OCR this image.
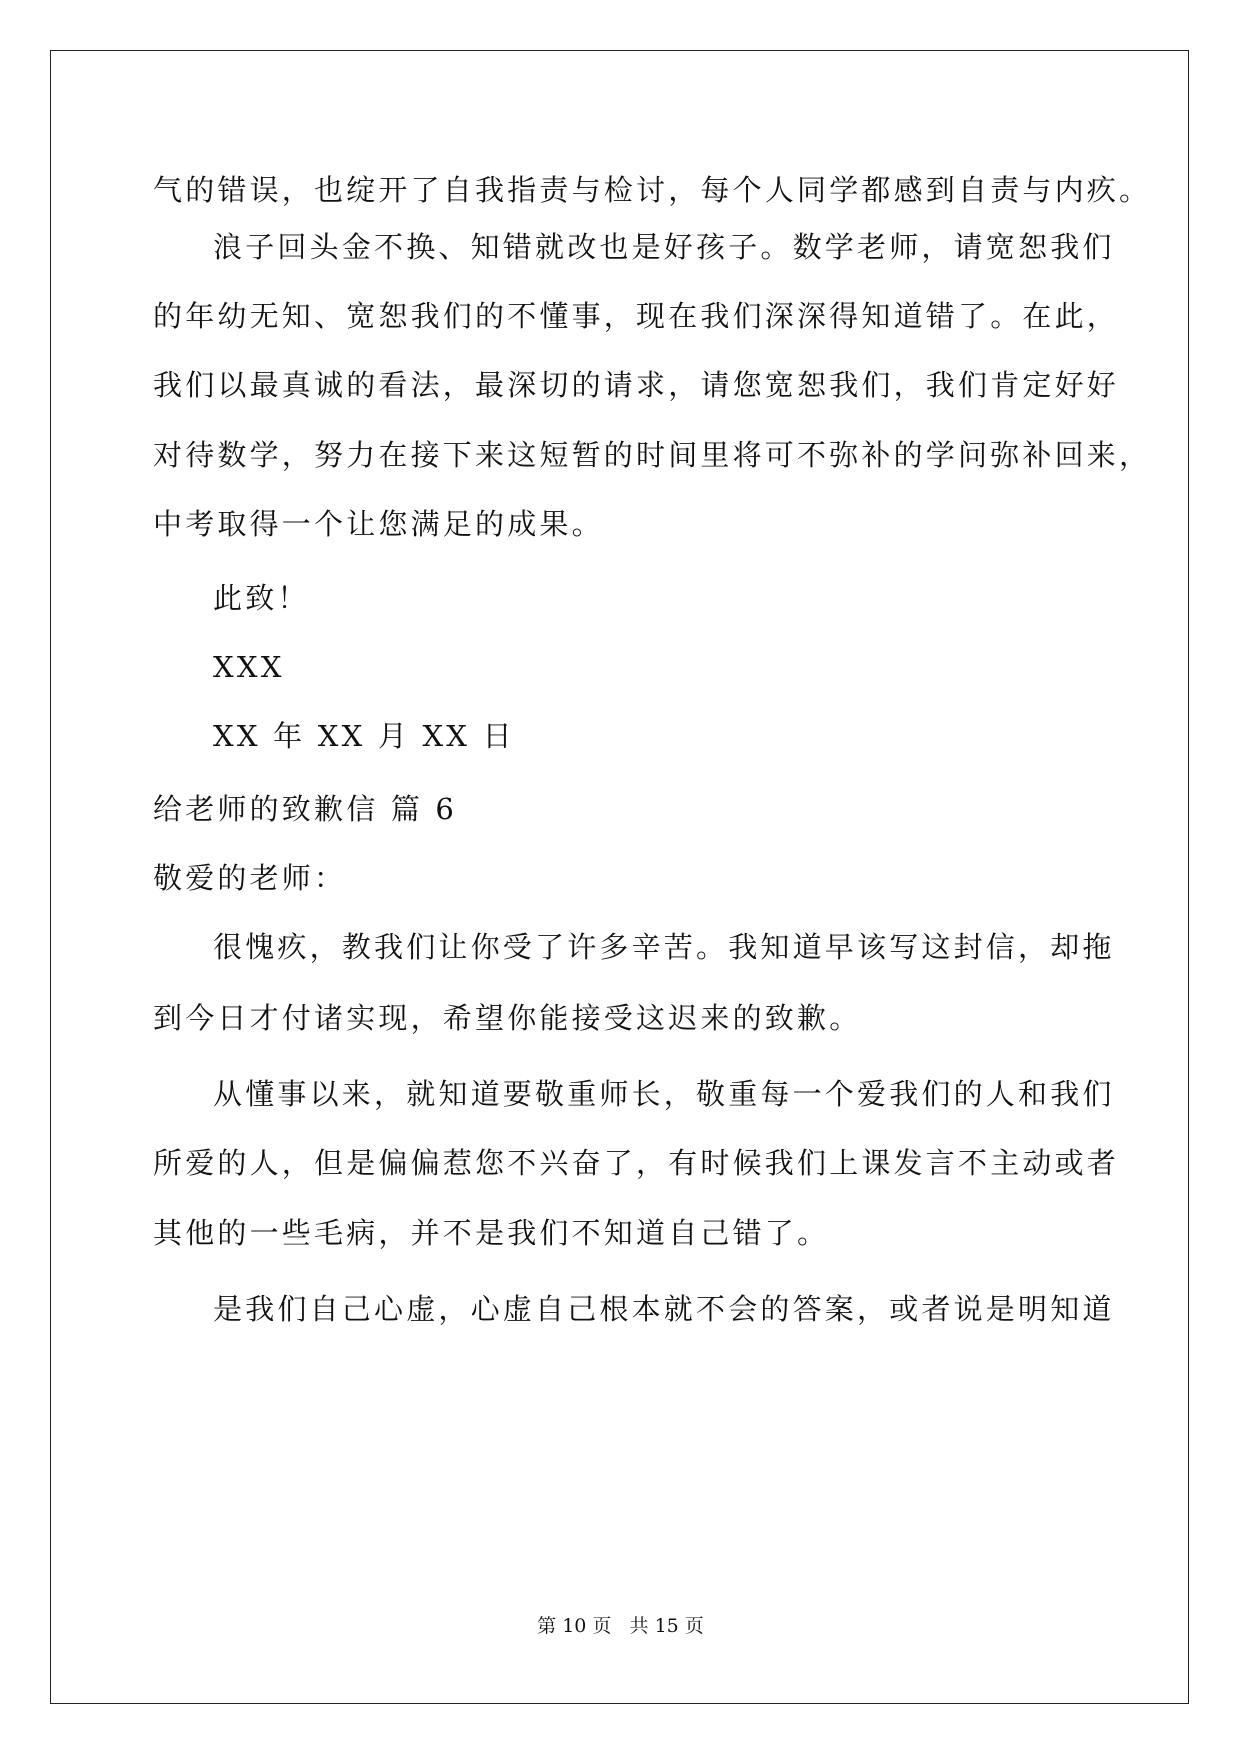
气的错误，也绽开了自我指责与检讨，每个人同学都感到自责与内疚。
浪子回头金不换、知错就改也是好孩子。数学老师，请宽恕我们
的年幼无知、宽恕我们的不懂事，现在我们深深得知道错了。在此，
我们以最真诚的看法，最深切的请求，请您宽恕我们，我们肯定好好
对待数学，努力在接下来这短暂的时间里将可不弥补的学问弥补回来，
中考取得一个让您满足的成果。
此致！
XXX
XX 年 XX 月 XX 日
给老师的致歉信 篇 6
敬爱的老师：
很愧疚，教我们让你受了许多辛苦。我知道早该写这封信，却拖
到今日才付诸实现，希望你能接受这迟来的致歉。
从懂事以来，就知道要敬重师长，敬重每一个爱我们的人和我们
所爱的人，但是偏偏惹您不兴奋了，有时候我们上课发言不主动或者
其他的一些毛病，并不是我们不知道自己错了。
是我们自己心虚，心虚自己根本就不会的答案，或者说是明知道
第 10 页   共 15 页
